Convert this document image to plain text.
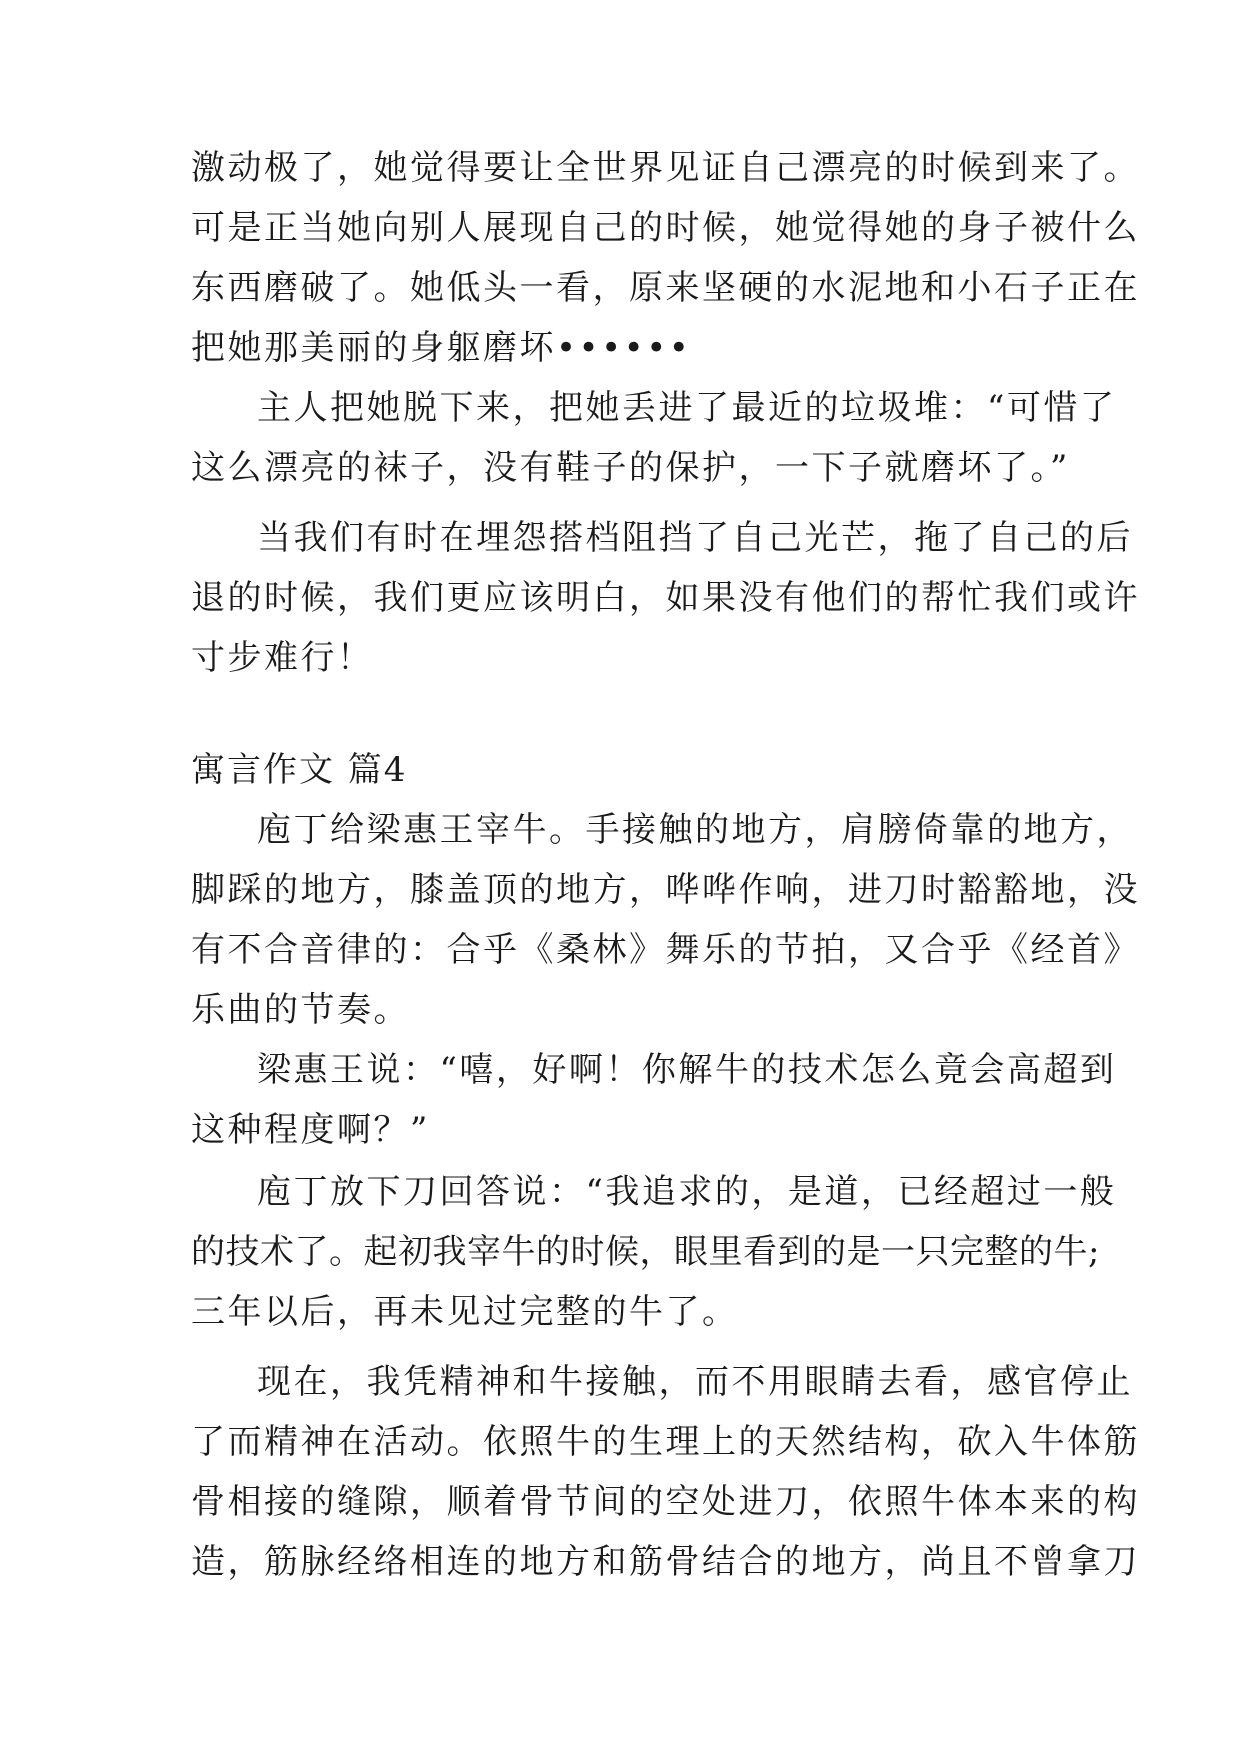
激动极了，她觉得要让全世界见证自己漂亮的时候到来了。
可是正当她向别人展现自己的时候，她觉得她的身子被什么
东西磨破了。她低头一看，原来坚硬的水泥地和小石子正在
把她那美丽的身躯磨坏••••••
主人把她脱下来，把她丢进了最近的垃圾堆：“可惜了
这么漂亮的袜子，没有鞋子的保护，一下子就磨坏了。”
当我们有时在埋怨搭档阻挡了自己光芒，拖了自己的后
退的时候，我们更应该明白，如果没有他们的帮忙我们或许
寸步难行！
寓言作文 篇4
庖丁给梁惠王宰牛。手接触的地方，肩膀倚靠的地方，
脚踩的地方，膝盖顶的地方，哗哗作响，进刀时豁豁地，没
有不合音律的：合乎《桑林》舞乐的节拍，又合乎《经首》
乐曲的节奏。
梁惠王说：“嘻，好啊！你解牛的技术怎么竟会高超到
这种程度啊？”
庖丁放下刀回答说：“我追求的，是道，已经超过一般
的技术了。起初我宰牛的时候，眼里看到的是一只完整的牛;
三年以后，再未见过完整的牛了。
现在，我凭精神和牛接触，而不用眼睛去看，感官停止
了而精神在活动。依照牛的生理上的天然结构，砍入牛体筋
骨相接的缝隙，顺着骨节间的空处进刀，依照牛体本来的构
造，筋脉经络相连的地方和筋骨结合的地方，尚且不曾拿刀
